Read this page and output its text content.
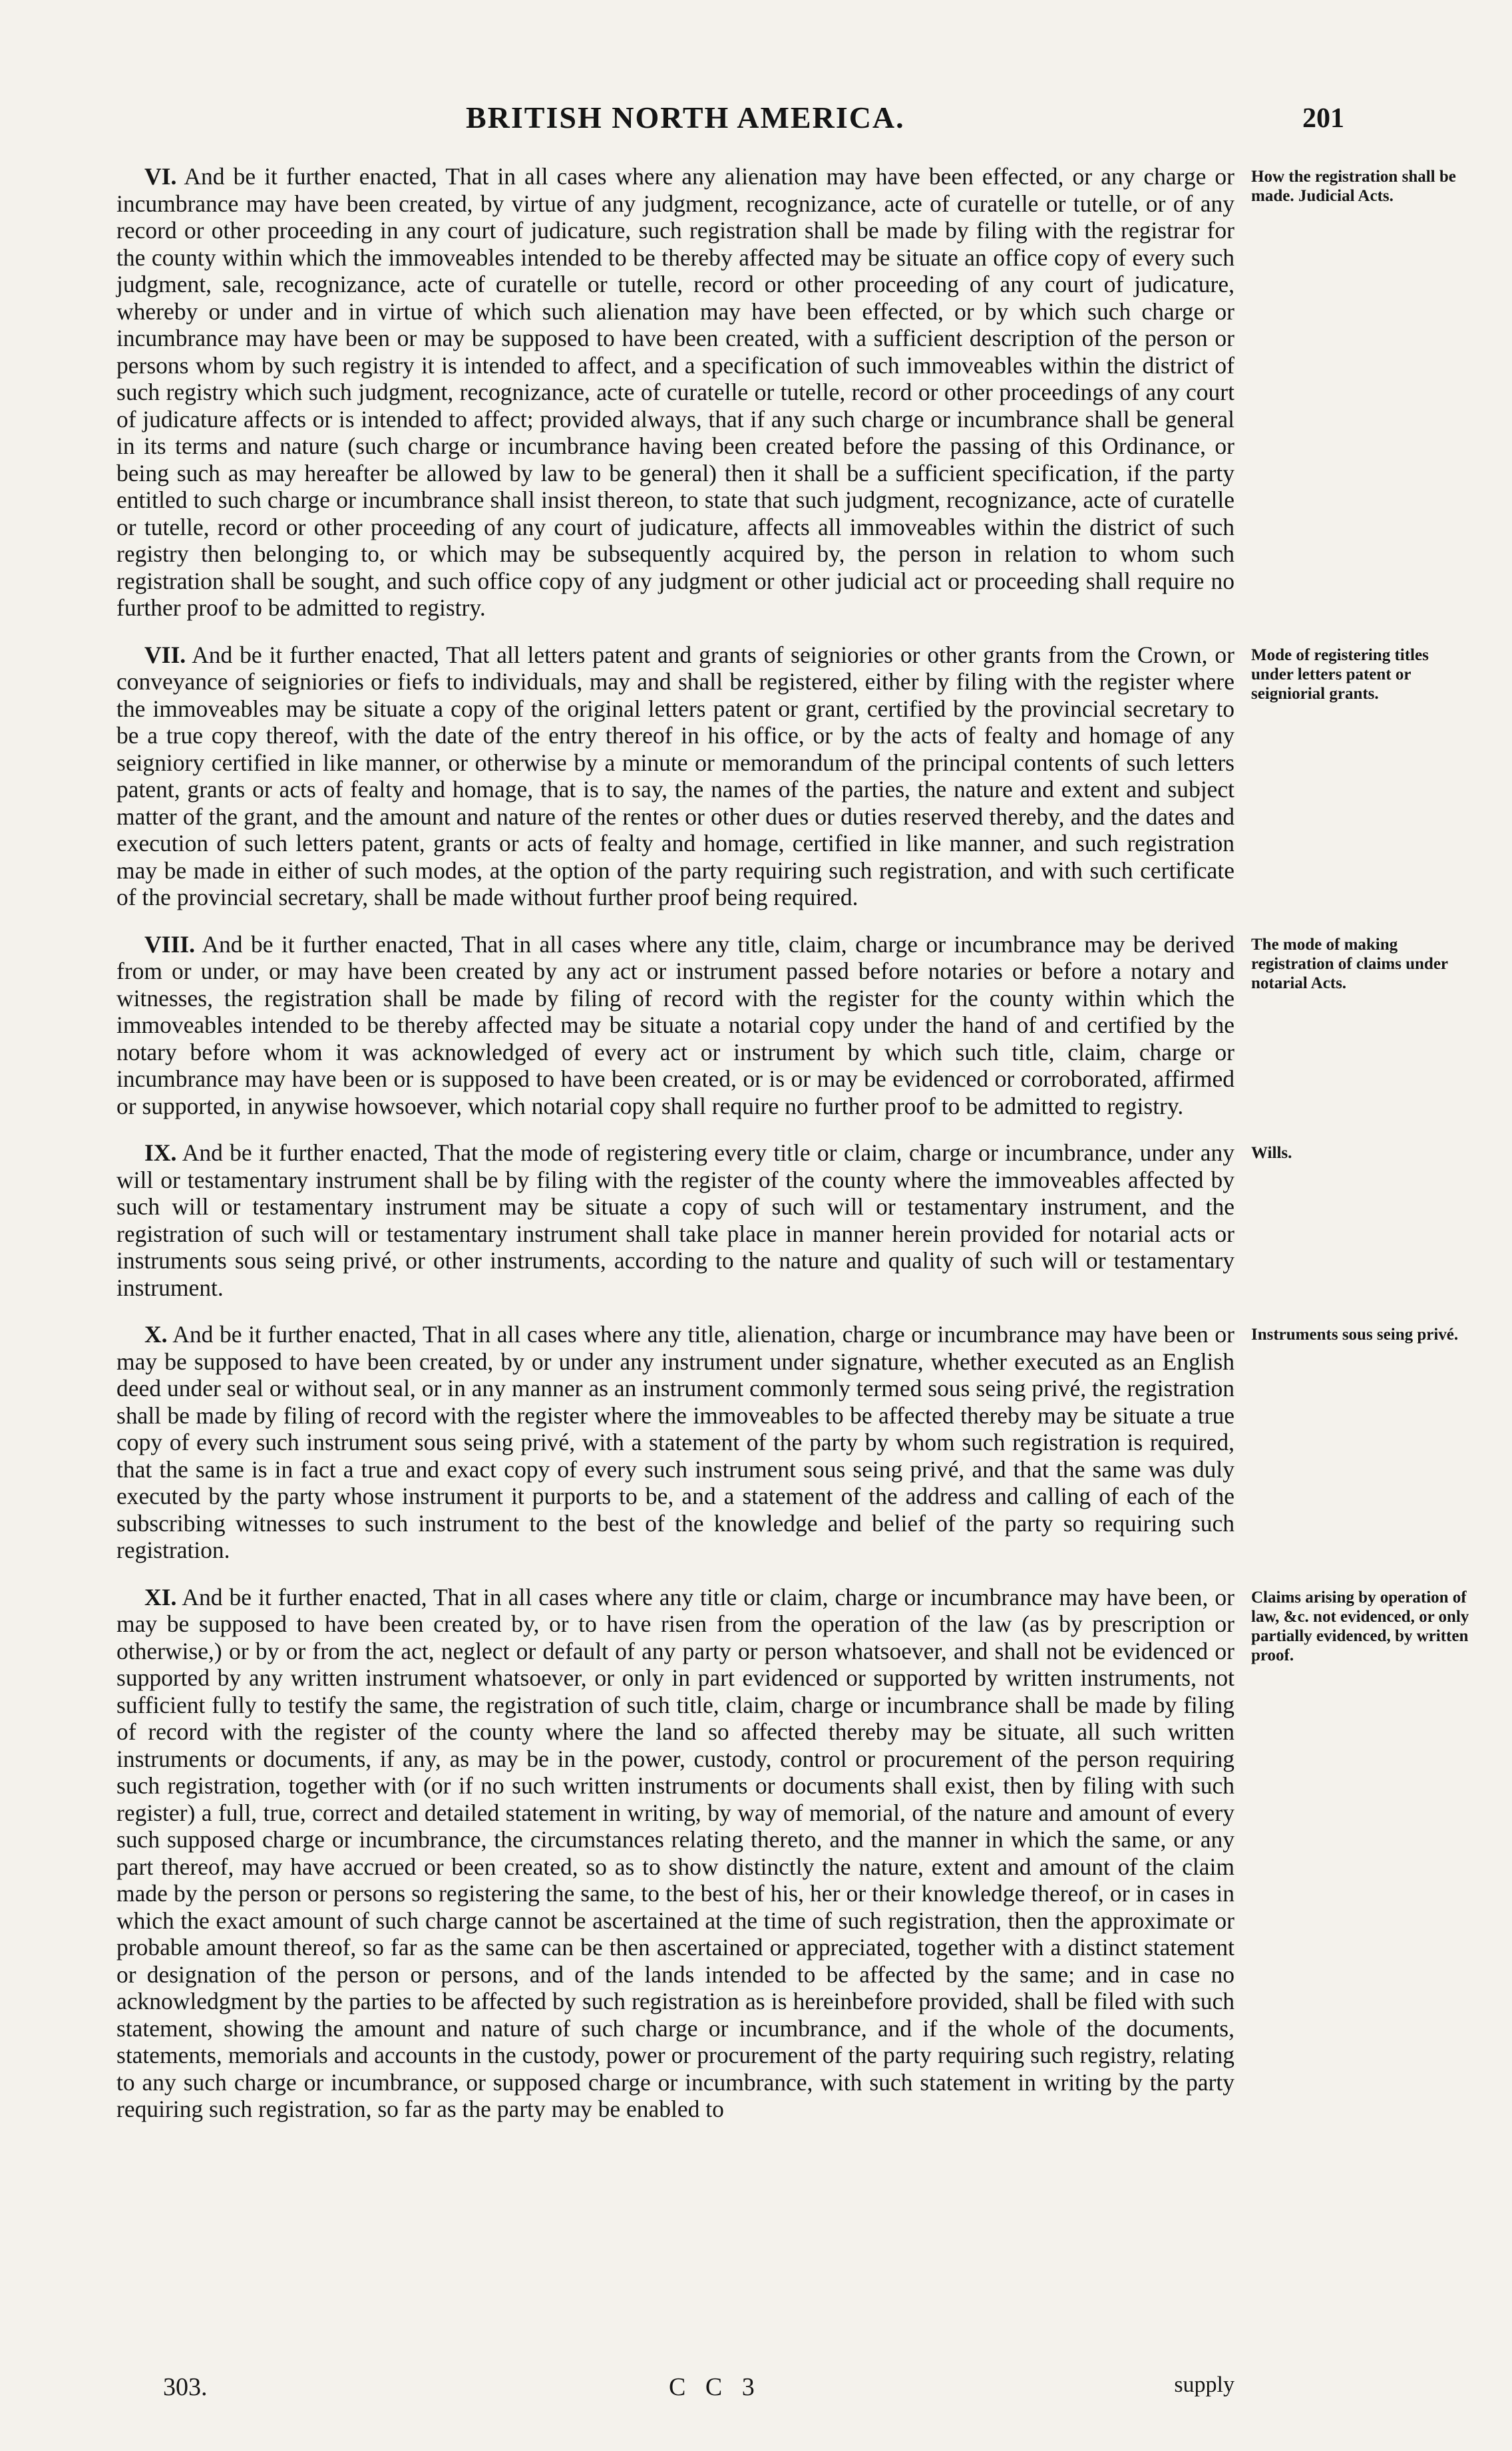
BRITISH NORTH AMERICA.	201

VI. And be it further enacted, That in all cases where any alienation may have been effected, or any charge or incumbrance may have been created, by virtue of any judgment, recognizance, acte of curatelle or tutelle, or of any record or other proceeding in any court of judicature, such registration shall be made by filing with the registrar for the county within which the immoveables intended to be thereby affected may be situate an office copy of every such judgment, sale, recognizance, acte of curatelle or tutelle, record or other proceeding of any court of judicature, whereby or under and in virtue of which such alienation may have been effected, or by which such charge or incumbrance may have been or may be supposed to have been created, with a sufficient description of the person or persons whom by such registry it is intended to affect, and a specification of such immoveables within the district of such registry which such judgment, recognizance, acte of curatelle or tutelle, record or other proceedings of any court of judicature affects or is intended to affect; provided always, that if any such charge or incumbrance shall be general in its terms and nature (such charge or incumbrance having been created before the passing of this Ordinance, or being such as may hereafter be allowed by law to be general) then it shall be a sufficient specification, if the party entitled to such charge or incumbrance shall insist thereon, to state that such judgment, recognizance, acte of curatelle or tutelle, record or other proceeding of any court of judicature, affects all immoveables within the district of such registry then belonging to, or which may be subsequently acquired by, the person in relation to whom such registration shall be sought, and such office copy of any judgment or other judicial act or proceeding shall require no further proof to be admitted to registry.

How the registration shall be made. Judicial Acts.

VII. And be it further enacted, That all letters patent and grants of seigniories or other grants from the Crown, or conveyance of seigniories or fiefs to individuals, may and shall be registered, either by filing with the register where the immoveables may be situate a copy of the original letters patent or grant, certified by the provincial secretary to be a true copy thereof, with the date of the entry thereof in his office, or by the acts of fealty and homage of any seigniory certified in like manner, or otherwise by a minute or memorandum of the principal contents of such letters patent, grants or acts of fealty and homage, that is to say, the names of the parties, the nature and extent and subject matter of the grant, and the amount and nature of the rentes or other dues or duties reserved thereby, and the dates and execution of such letters patent, grants or acts of fealty and homage, certified in like manner, and such registration may be made in either of such modes, at the option of the party requiring such registration, and with such certificate of the provincial secretary, shall be made without further proof being required.

Mode of registering titles under letters patent or seigniorial grants.

VIII. And be it further enacted, That in all cases where any title, claim, charge or incumbrance may be derived from or under, or may have been created by any act or instrument passed before notaries or before a notary and witnesses, the registration shall be made by filing of record with the register for the county within which the immoveables intended to be thereby affected may be situate a notarial copy under the hand of and certified by the notary before whom it was acknowledged of every act or instrument by which such title, claim, charge or incumbrance may have been or is supposed to have been created, or is or may be evidenced or corroborated, affirmed or supported, in anywise howsoever, which notarial copy shall require no further proof to be admitted to registry.

The mode of making registration of claims under notarial Acts.

IX. And be it further enacted, That the mode of registering every title or claim, charge or incumbrance, under any will or testamentary instrument shall be by filing with the register of the county where the immoveables affected by such will or testamentary instrument may be situate a copy of such will or testamentary instrument, and the registration of such will or testamentary instrument shall take place in manner herein provided for notarial acts or instruments sous seing privé, or other instruments, according to the nature and quality of such will or testamentary instrument.

Wills.

X. And be it further enacted, That in all cases where any title, alienation, charge or incumbrance may have been or may be supposed to have been created, by or under any instrument under signature, whether executed as an English deed under seal or without seal, or in any manner as an instrument commonly termed sous seing privé, the registration shall be made by filing of record with the register where the immoveables to be affected thereby may be situate a true copy of every such instrument sous seing privé, with a statement of the party by whom such registration is required, that the same is in fact a true and exact copy of every such instrument sous seing privé, and that the same was duly executed by the party whose instrument it purports to be, and a statement of the address and calling of each of the subscribing witnesses to such instrument to the best of the knowledge and belief of the party so requiring such registration.

Instruments sous seing privé.

XI. And be it further enacted, That in all cases where any title or claim, charge or incumbrance may have been, or may be supposed to have been created by, or to have risen from the operation of the law (as by prescription or otherwise,) or by or from the act, neglect or default of any party or person whatsoever, and shall not be evidenced or supported by any written instrument whatsoever, or only in part evidenced or supported by written instruments, not sufficient fully to testify the same, the registration of such title, claim, charge or incumbrance shall be made by filing of record with the register of the county where the land so affected thereby may be situate, all such written instruments or documents, if any, as may be in the power, custody, control or procurement of the person requiring such registration, together with (or if no such written instruments or documents shall exist, then by filing with such register) a full, true, correct and detailed statement in writing, by way of memorial, of the nature and amount of every such supposed charge or incumbrance, the circumstances relating thereto, and the manner in which the same, or any part thereof, may have accrued or been created, so as to show distinctly the nature, extent and amount of the claim made by the person or persons so registering the same, to the best of his, her or their knowledge thereof, or in cases in which the exact amount of such charge cannot be ascertained at the time of such registration, then the approximate or probable amount thereof, so far as the same can be then ascertained or appreciated, together with a distinct statement or designation of the person or persons, and of the lands intended to be affected by the same; and in case no acknowledgment by the parties to be affected by such registration as is hereinbefore provided, shall be filed with such statement, showing the amount and nature of such charge or incumbrance, and if the whole of the documents, statements, memorials and accounts in the custody, power or procurement of the party requiring such registry, relating to any such charge or incumbrance, or supposed charge or incumbrance, with such statement in writing by the party requiring such registration, so far as the party may be enabled to

Claims arising by operation of law, &c. not evidenced, or only partially evidenced, by written proof.
303.	C C 3	supply
